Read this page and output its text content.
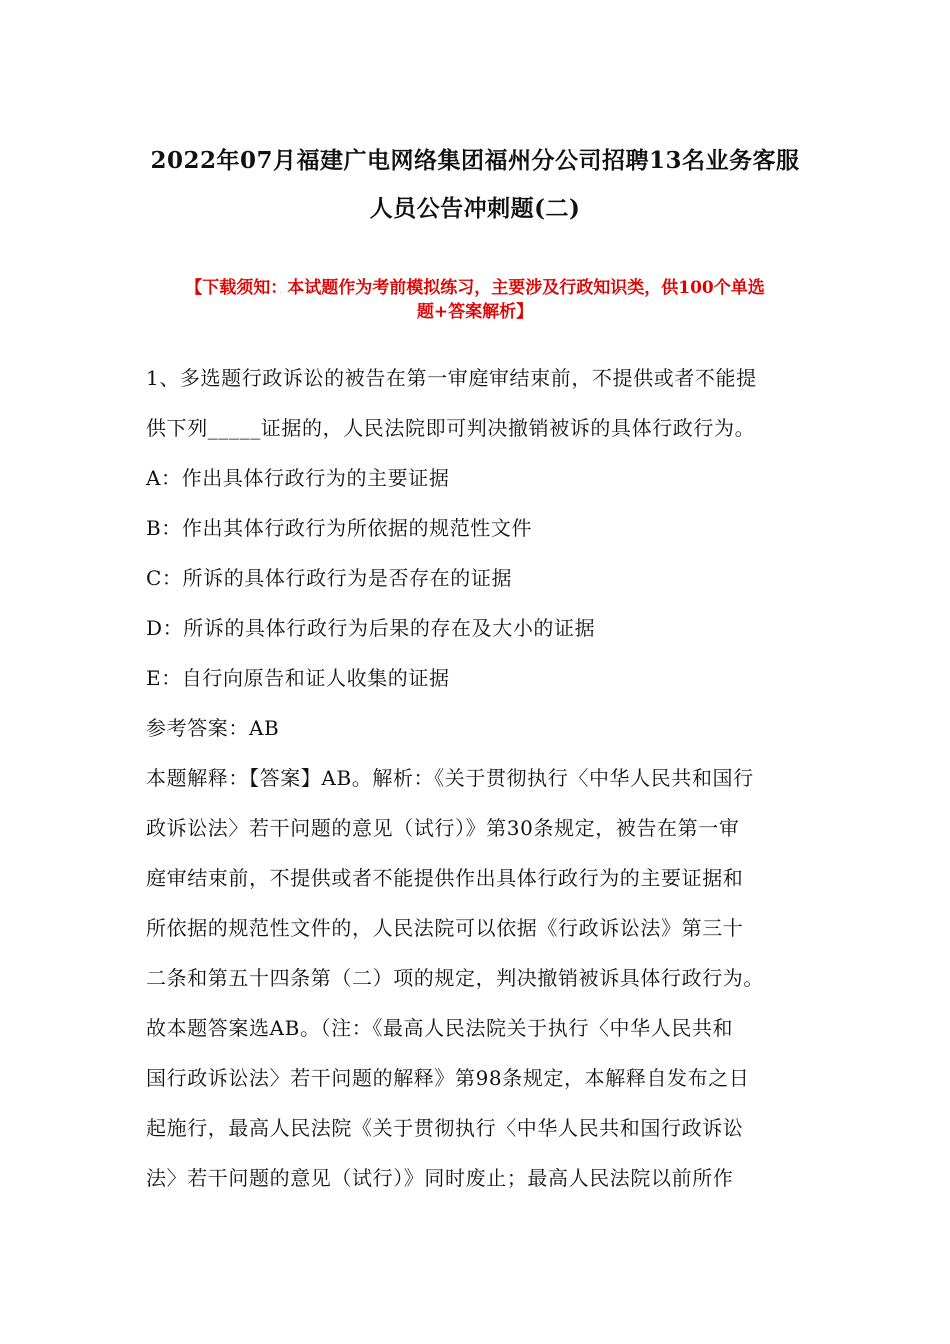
2022年07月福建广电网络集团福州分公司招聘13名业务客服
人员公告冲刺题(二)
【下载须知：本试题作为考前模拟练习，主要涉及行政知识类，供100个单选
题+答案解析】
1、多选题行政诉讼的被告在第一审庭审结束前，不提供或者不能提
供下列_____证据的，人民法院即可判决撤销被诉的具体行政行为。
A：作出具体行政行为的主要证据
B：作出其体行政行为所依据的规范性文件
C：所诉的具体行政行为是否存在的证据
D：所诉的具体行政行为后果的存在及大小的证据
E：自行向原告和证人收集的证据
参考答案：AB
本题解释：【答案】AB。解析：《关于贯彻执行〈中华人民共和国行
政诉讼法〉若干问题的意见（试行）》第30条规定，被告在第一审
庭审结束前，不提供或者不能提供作出具体行政行为的主要证据和
所依据的规范性文件的，人民法院可以依据《行政诉讼法》第三十
二条和第五十四条第（二）项的规定，判决撤销被诉具体行政行为。
故本题答案选AB。（注：《最高人民法院关于执行〈中华人民共和
国行政诉讼法〉若干问题的解释》第98条规定，本解释自发布之日
起施行，最高人民法院《关于贯彻执行〈中华人民共和国行政诉讼
法〉若干问题的意见（试行）》同时废止；最高人民法院以前所作
